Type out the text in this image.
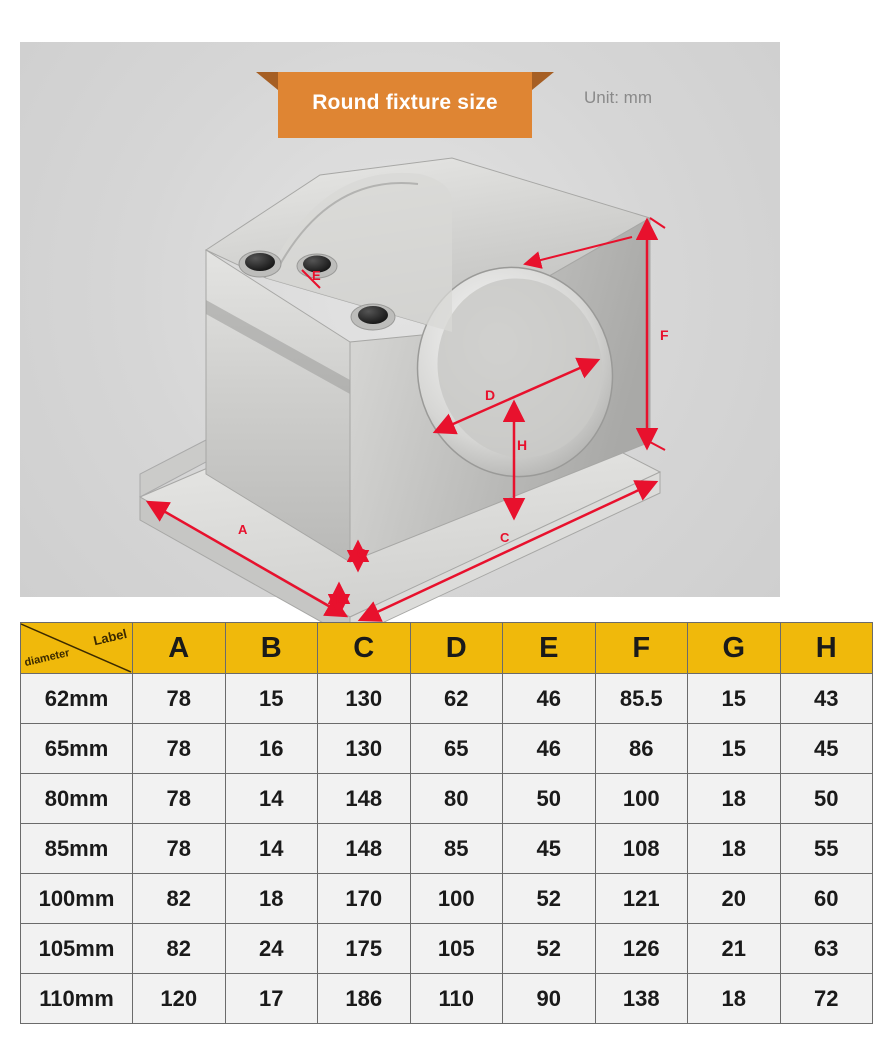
F
D
H
E
A
C
G
B
Round fixture size	Unit: mm
Label
diameter	A	B	C	D	E	F	G	H
62mm	78	15	130	62	46	85.5	15	43
65mm	78	16	130	65	46	86	15	45
80mm	78	14	148	80	50	100	18	50
85mm	78	14	148	85	45	108	18	55
100mm	82	18	170	100	52	121	20	60
105mm	82	24	175	105	52	126	21	63
110mm	120	17	186	110	90	138	18	72
